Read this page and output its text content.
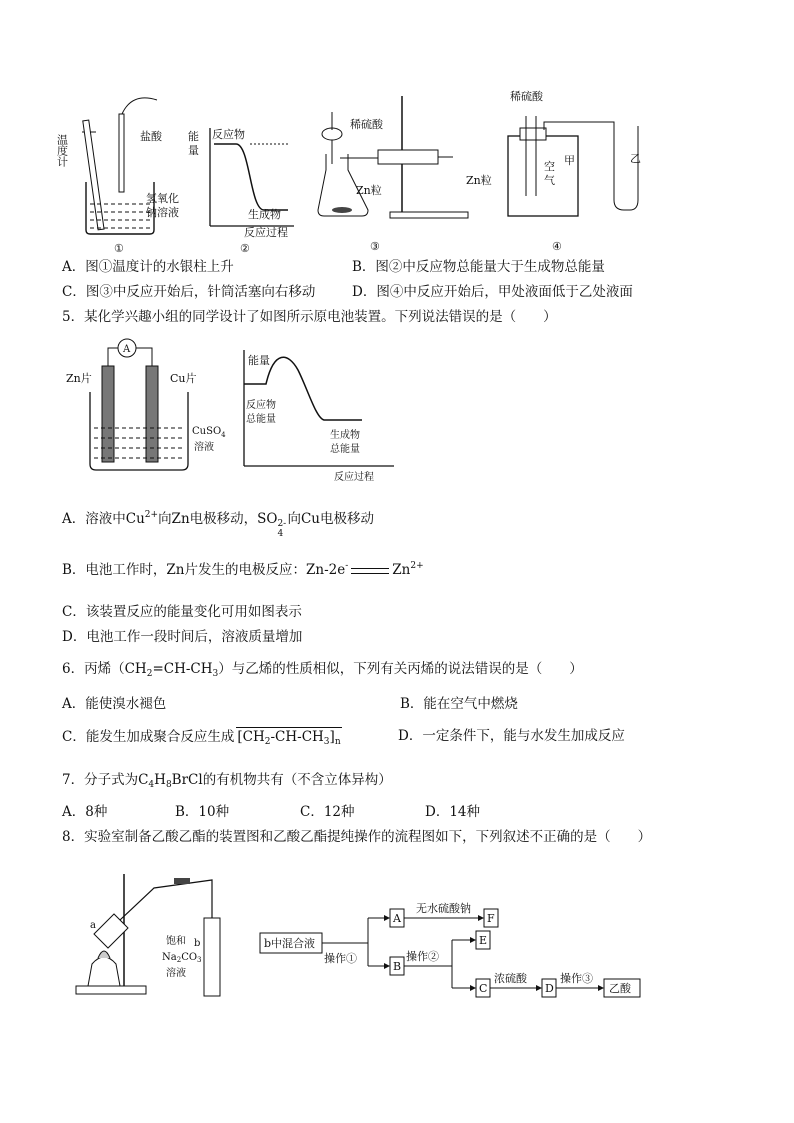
温度计	盐酸
氢氧化
钠溶液
①
能
量
反应物
生成物
反应过程
②
稀硫酸
Zn粒
③
稀硫酸
Zn粒
空
气
甲	乙
④
A．图①温度计的水银柱上升	B．图②中反应物总能量大于生成物总能量
C．图③中反应开始后，针筒活塞向右移动	D．图④中反应开始后，甲处液面低于乙处液面
5．某化学兴趣小组的同学设计了如图所示原电池装置。下列说法错误的是（　　）
A
Zn片	Cu片
CuSO$_4$
溶液
能量
反应物
总能量
生成物
总能量
反应过程
A．溶液中$Cu^{2+}$向Zn电极移动，SO 2-
4
向Cu电极移动
B．电池工作时，Zn片发生的电极反应：Zn-2e-	$Zn^{2+}$
C．该装置反应的能量变化可用如图表示
D．电池工作一段时间后，溶液质量增加
6．丙烯$(CH_2=CH-CH_3)$与乙烯的性质相似，下列有关丙烯的说法错误的是（　　）
A．能使溴水褪色	B．能在空气中燃烧
C．能发生加成聚合反应生成 $[CH_2-CH-CH_3]_n$	D．一定条件下，能与水发生加成反应
7．分子式为$C_4H_8BrCl$的有机物共有（不含立体异构）
A．8种	B．10种	C．12种	D．14种
8．实验室制备乙酸乙酯的装置图和乙酸乙酯提纯操作的流程图如下，下列叙述不正确的是（　　）
a
b
饱和
$Na_2CO_3$
溶液
b中混合液
操作①
A
B
无水硫酸钠
F
操作②
E
C
浓硫酸
D
操作③
乙酸
